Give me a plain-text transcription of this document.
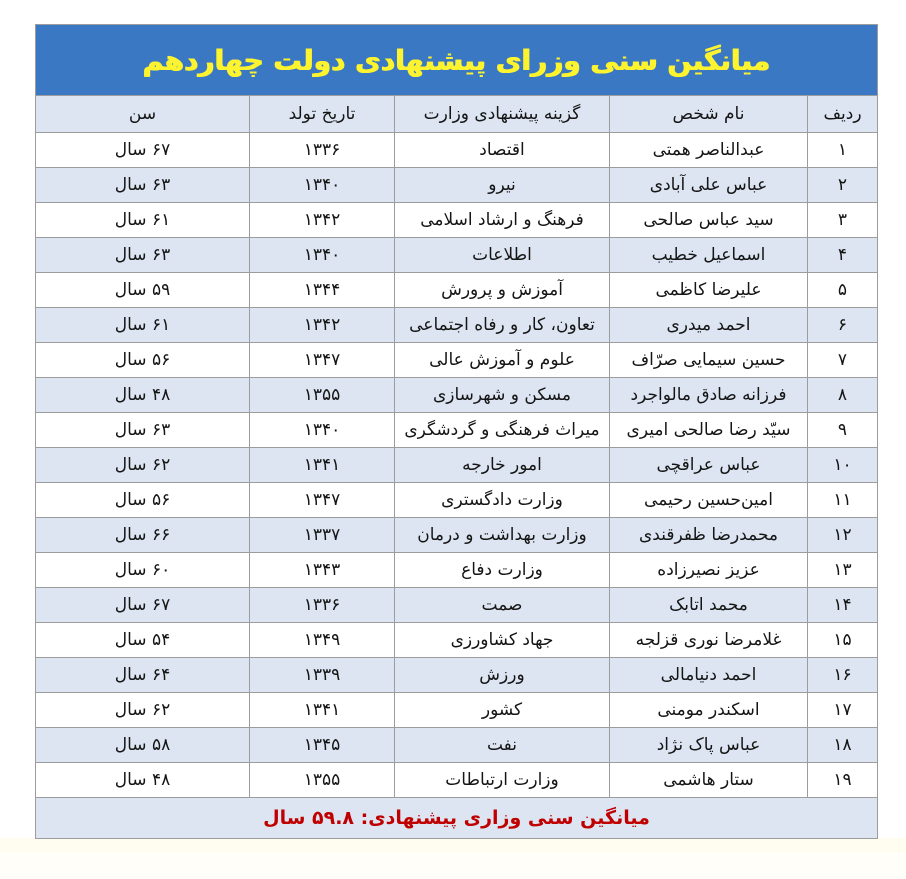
میانگین سنی وزرای پیشنهادی دولت چهاردهم				
ردیف	نام شخص	گزینه پیشنهادی وزارت	تاریخ تولد	سن
۱	عبدالناصر همتی	اقتصاد	۱۳۳۶	۶۷ سال
۲	عباس علی آبادی	نیرو	۱۳۴۰	۶۳ سال
۳	سید عباس صالحی	فرهنگ و ارشاد اسلامی	۱۳۴۲	۶۱ سال
۴	اسماعیل خطیب	اطلاعات	۱۳۴۰	۶۳ سال
۵	علیرضا کاظمی	آموزش و پرورش	۱۳۴۴	۵۹ سال
۶	احمد میدری	تعاون، کار و رفاه اجتماعی	۱۳۴۲	۶۱ سال
۷	حسین سیمایی صرّاف	علوم و آموزش عالی	۱۳۴۷	۵۶ سال
۸	فرزانه صادق مالواجرد	مسکن و شهرسازی	۱۳۵۵	۴۸ سال
۹	سیّد رضا صالحی امیری	میراث فرهنگی و گردشگری	۱۳۴۰	۶۳ سال
۱۰	عباس عراقچی	امور خارجه	۱۳۴۱	۶۲ سال
۱۱	امین‌حسین رحیمی	وزارت دادگستری	۱۳۴۷	۵۶ سال
۱۲	محمدرضا ظفرقندی	وزارت بهداشت و درمان	۱۳۳۷	۶۶ سال
۱۳	عزیز نصیرزاده	وزارت دفاع	۱۳۴۳	۶۰ سال
۱۴	محمد اتابک	صمت	۱۳۳۶	۶۷ سال
۱۵	غلامرضا نوری قزلجه	جهاد کشاورزی	۱۳۴۹	۵۴ سال
۱۶	احمد دنیامالی	ورزش	۱۳۳۹	۶۴ سال
۱۷	اسکندر مومنی	کشور	۱۳۴۱	۶۲ سال
۱۸	عباس پاک نژاد	نفت	۱۳۴۵	۵۸ سال
۱۹	ستار هاشمی	وزارت ارتباطات	۱۳۵۵	۴۸ سال
میانگین سنی وزاری پیشنهادی: ۵۹.۸ سال				
